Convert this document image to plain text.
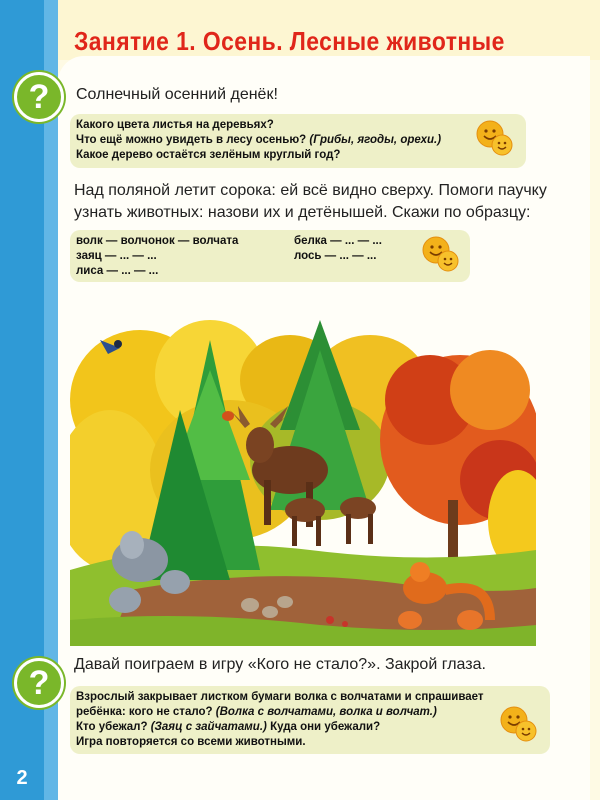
Занятие 1. Осень. Лесные животные
?	Солнечный осенний денёк!
Какого цвета листья на деревьях?
Что ещё можно увидеть в лесу осенью? (Грибы, ягоды, орехи.)
Какое дерево остаётся зелёным круглый год?
Над поляной летит сорока: ей всё видно сверху. Помоги паучку
узнать животных: назови их и детёнышей. Скажи по образцу:
волк — волчонок — волчата
заяц — ... — ...
лиса — ... — ...
белка — ... — ...
лось — ... — ...
?	Давай поиграем в игру «Кого не стало?». Закрой глаза.
Взрослый закрывает листком бумаги волка с волчатами и спрашивает
ребёнка: кого не стало? (Волка с волчатами, волка и волчат.)
Кто убежал? (Заяц с зайчатами.) Куда они убежали?
Игра повторяется со всеми животными.
2
